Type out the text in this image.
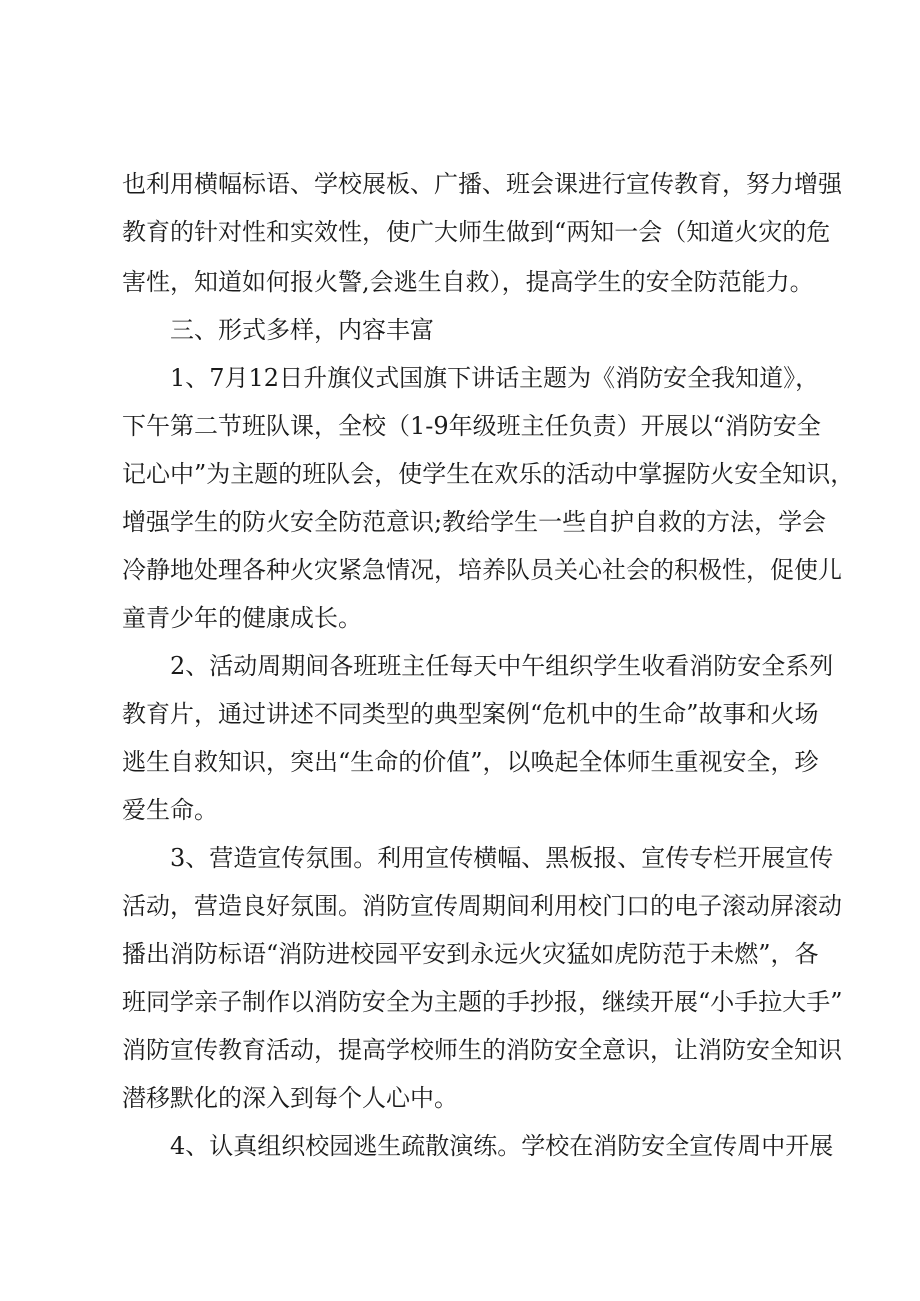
也利用横幅标语、学校展板、广播、班会课进行宣传教育，努力增强
教育的针对性和实效性，使广大师生做到“两知一会（知道火灾的危
害性，知道如何报火警,会逃生自救），提高学生的安全防范能力。
三、形式多样，内容丰富
1、7月12日升旗仪式国旗下讲话主题为《消防安全我知道》，
下午第二节班队课，全校（1-9年级班主任负责）开展以“消防安全
记心中”为主题的班队会，使学生在欢乐的活动中掌握防火安全知识，
增强学生的防火安全防范意识;教给学生一些自护自救的方法，学会
冷静地处理各种火灾紧急情况，培养队员关心社会的积极性，促使儿
童青少年的健康成长。
2、活动周期间各班班主任每天中午组织学生收看消防安全系列
教育片，通过讲述不同类型的典型案例“危机中的生命”故事和火场
逃生自救知识，突出“生命的价值”，以唤起全体师生重视安全，珍
爱生命。
3、营造宣传氛围。利用宣传横幅、黑板报、宣传专栏开展宣传
活动，营造良好氛围。消防宣传周期间利用校门口的电子滚动屏滚动
播出消防标语“消防进校园平安到永远火灾猛如虎防范于未燃”，各
班同学亲子制作以消防安全为主题的手抄报，继续开展“小手拉大手”
消防宣传教育活动，提高学校师生的消防安全意识，让消防安全知识
潜移默化的深入到每个人心中。
4、认真组织校园逃生疏散演练。学校在消防安全宣传周中开展
